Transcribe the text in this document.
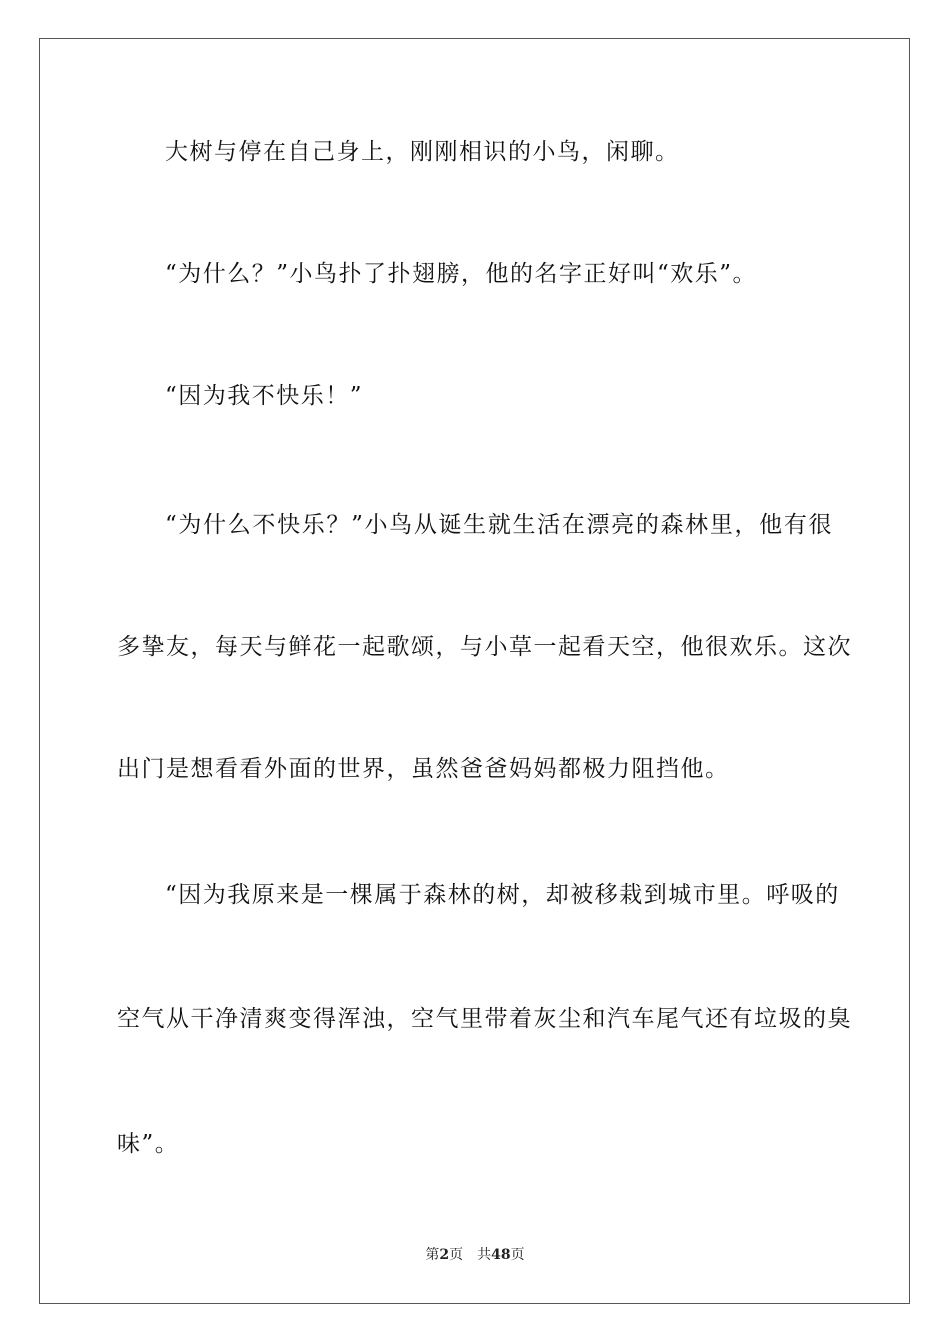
大树与停在自己身上，刚刚相识的小鸟，闲聊。
“为什么？”小鸟扑了扑翅膀，他的名字正好叫“欢乐”。
“因为我不快乐！”
“为什么不快乐？”小鸟从诞生就生活在漂亮的森林里，他有很
多挚友，每天与鲜花一起歌颂，与小草一起看天空，他很欢乐。这次
出门是想看看外面的世界，虽然爸爸妈妈都极力阻挡他。
“因为我原来是一棵属于森林的树，却被移栽到城市里。呼吸的
空气从干净清爽变得浑浊，空气里带着灰尘和汽车尾气还有垃圾的臭
味”。
第2页 共48页
